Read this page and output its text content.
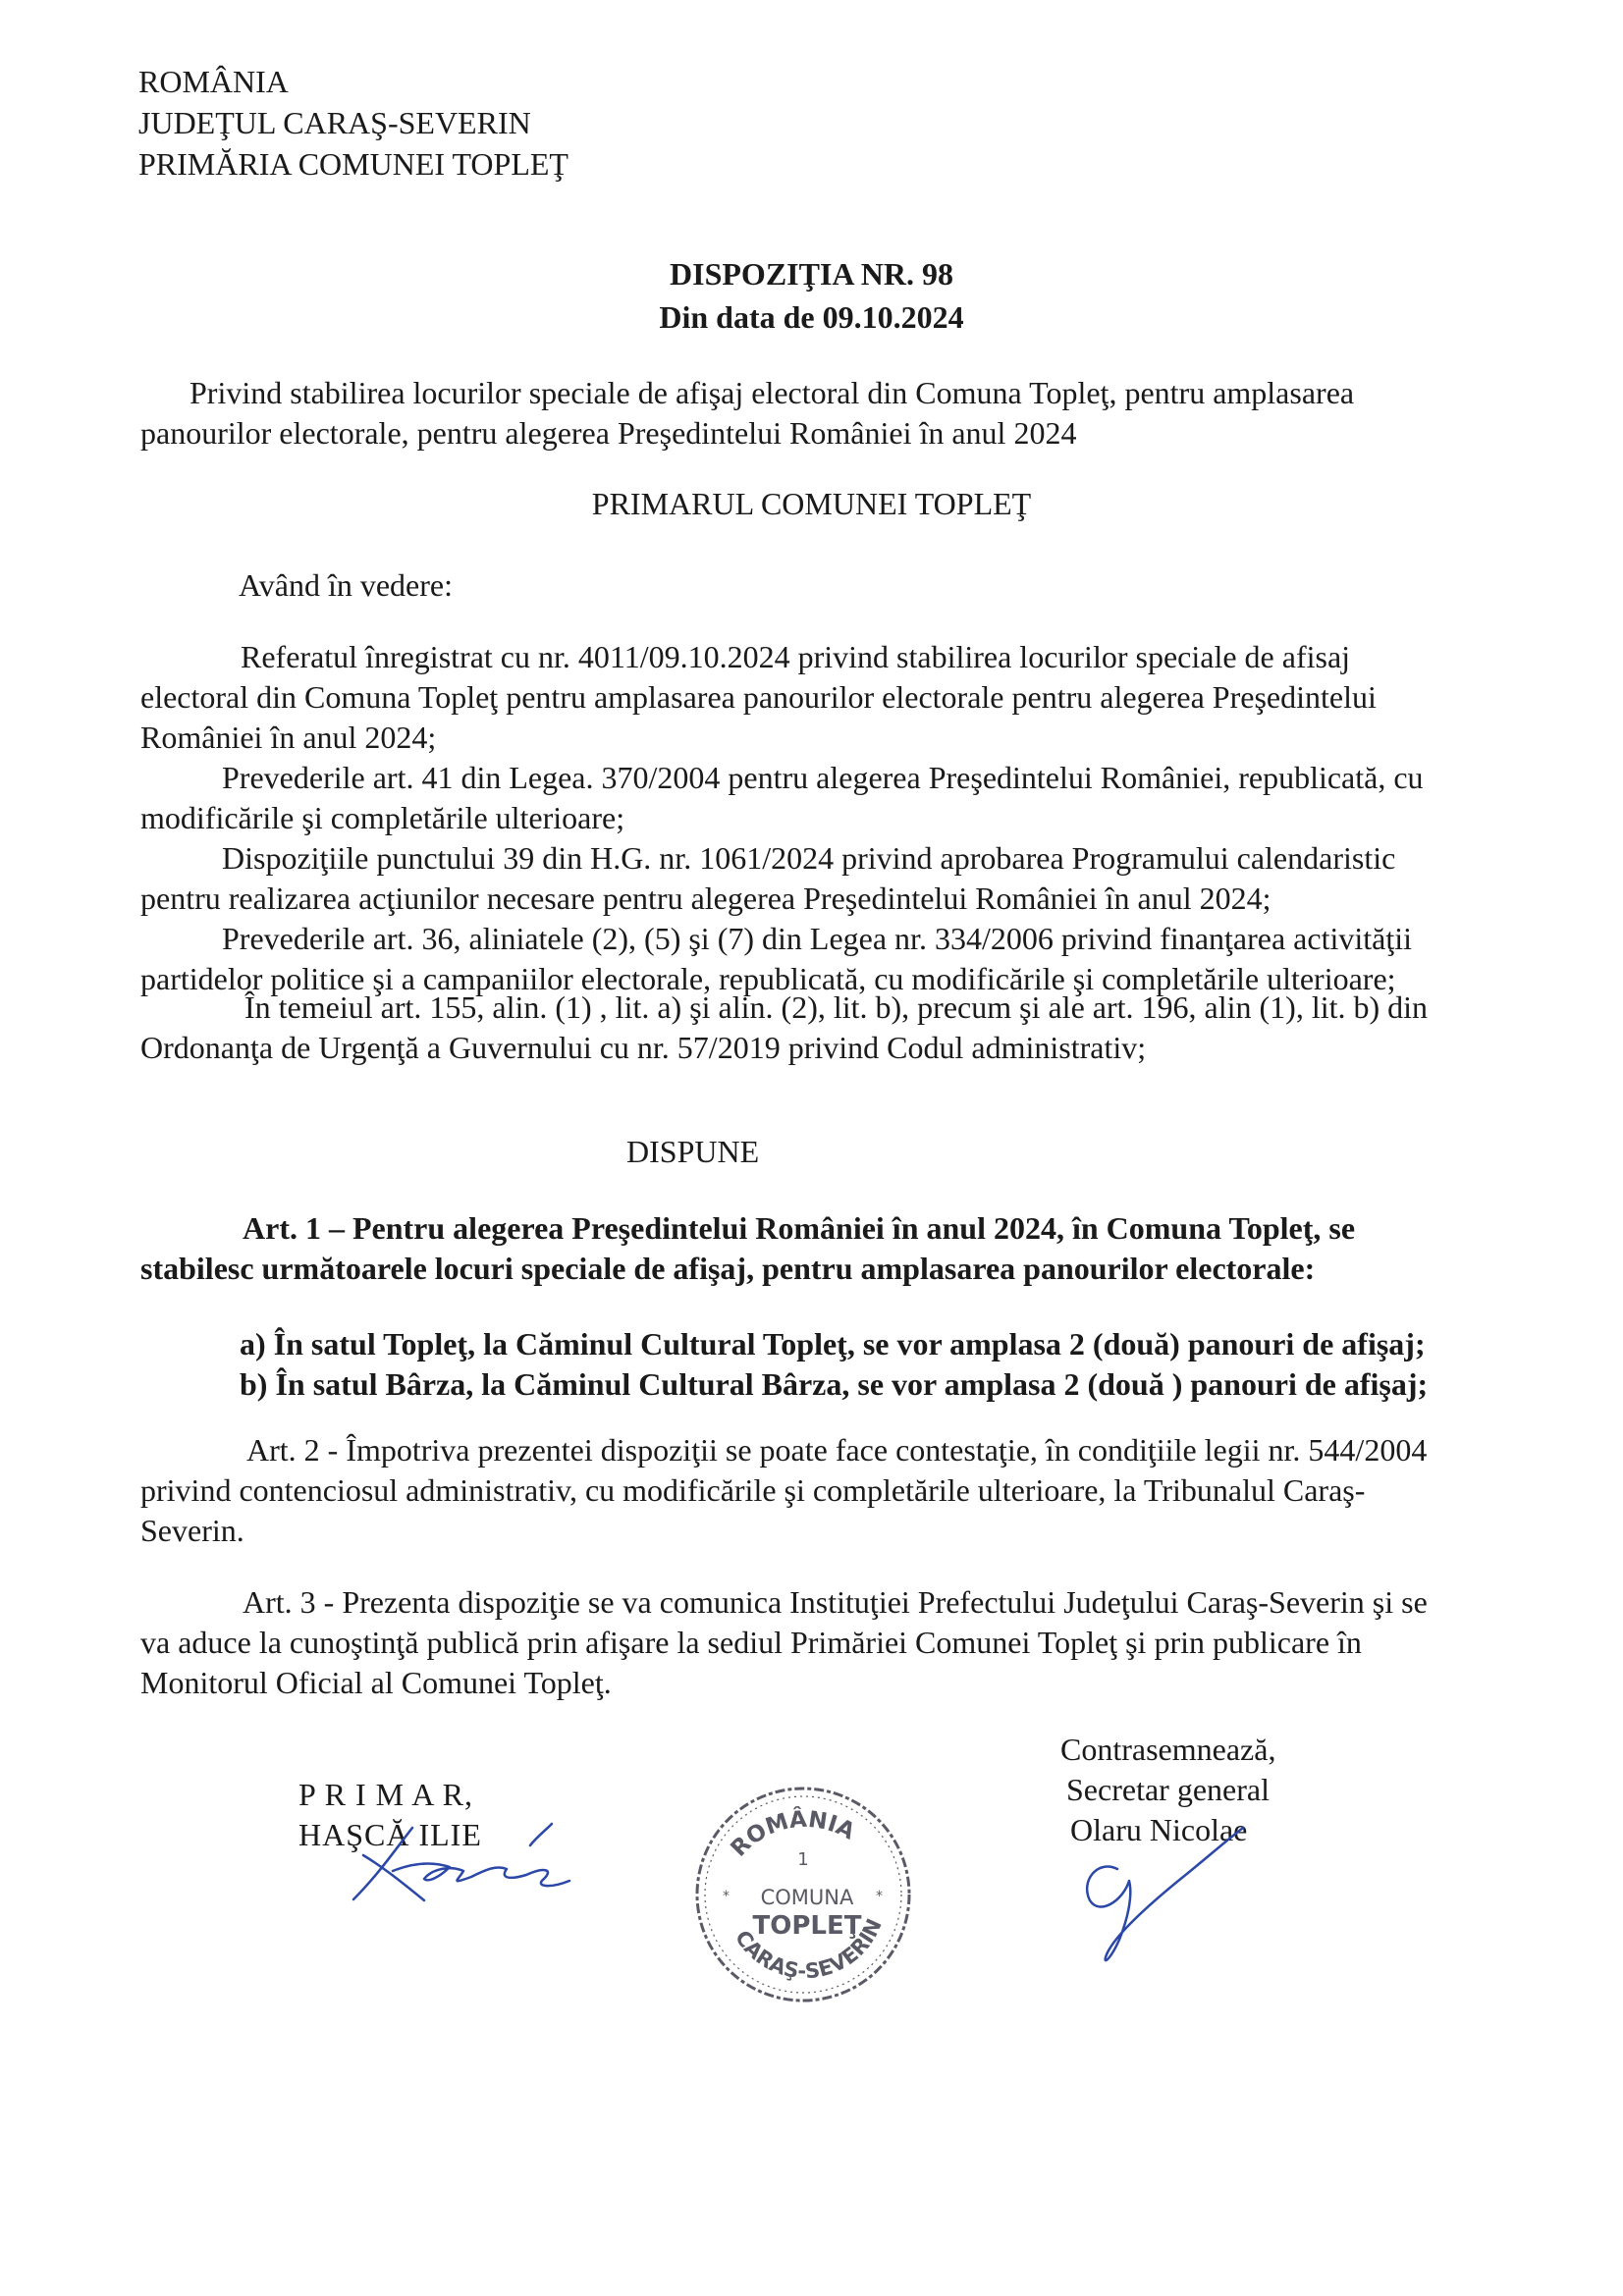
ROMÂNIA
JUDEŢUL CARAŞ-SEVERIN
PRIMĂRIA COMUNEI TOPLEŢ
DISPOZIŢIA NR. 98
Din data de 09.10.2024
Privind stabilirea locurilor speciale de afişaj electoral din Comuna Topleţ, pentru amplasarea
panourilor electorale, pentru alegerea Preşedintelui României în anul 2024
PRIMARUL COMUNEI TOPLEŢ
Având în vedere:
Referatul înregistrat cu nr. 4011/09.10.2024 privind stabilirea locurilor speciale de afisaj
electoral din Comuna Topleţ pentru amplasarea panourilor electorale pentru alegerea Preşedintelui
României în anul 2024;
Prevederile art. 41 din Legea. 370/2004 pentru alegerea Preşedintelui României, republicată, cu
modificările şi completările ulterioare;
Dispoziţiile punctului 39 din H.G. nr. 1061/2024 privind aprobarea Programului calendaristic
pentru realizarea acţiunilor necesare pentru alegerea Preşedintelui României în anul 2024;
Prevederile art. 36, aliniatele (2), (5) şi (7) din Legea nr. 334/2006 privind finanţarea activităţii
partidelor politice şi a campaniilor electorale, republicată, cu modificările şi completările ulterioare;
În temeiul art. 155, alin. (1) , lit. a) şi alin. (2), lit. b), precum şi ale art. 196, alin (1), lit. b) din
Ordonanţa de Urgenţă a Guvernului cu nr. 57/2019 privind Codul administrativ;
DISPUNE
Art. 1 – Pentru alegerea Preşedintelui României în anul 2024, în Comuna Topleţ, se
stabilesc următoarele locuri speciale de afişaj, pentru amplasarea panourilor electorale:
a) În satul Topleţ, la Căminul Cultural Topleţ, se vor amplasa 2 (două) panouri de afişaj;
b) În satul Bârza, la Căminul Cultural Bârza, se vor amplasa 2 (două ) panouri de afişaj;
Art. 2 - Împotriva prezentei dispoziţii se poate face contestaţie, în condiţiile legii nr. 544/2004
privind contenciosul administrativ, cu modificările şi completările ulterioare, la Tribunalul Caraş-
Severin.
Art. 3 - Prezenta dispoziţie se va comunica Instituţiei Prefectului Judeţului Caraş-Severin şi se
va aduce la cunoştinţă publică prin afişare la sediul Primăriei Comunei Topleţ şi prin publicare în
Monitorul Oficial al Comunei Topleţ.
P R I M A R,
HAŞCĂ ILIE
Contrasemnează,
Secretar general
Olaru Nicolae
ROMÂNIA
1
COMUNA
TOPLEŢ
*	*
CARAŞ-SEVERIN
